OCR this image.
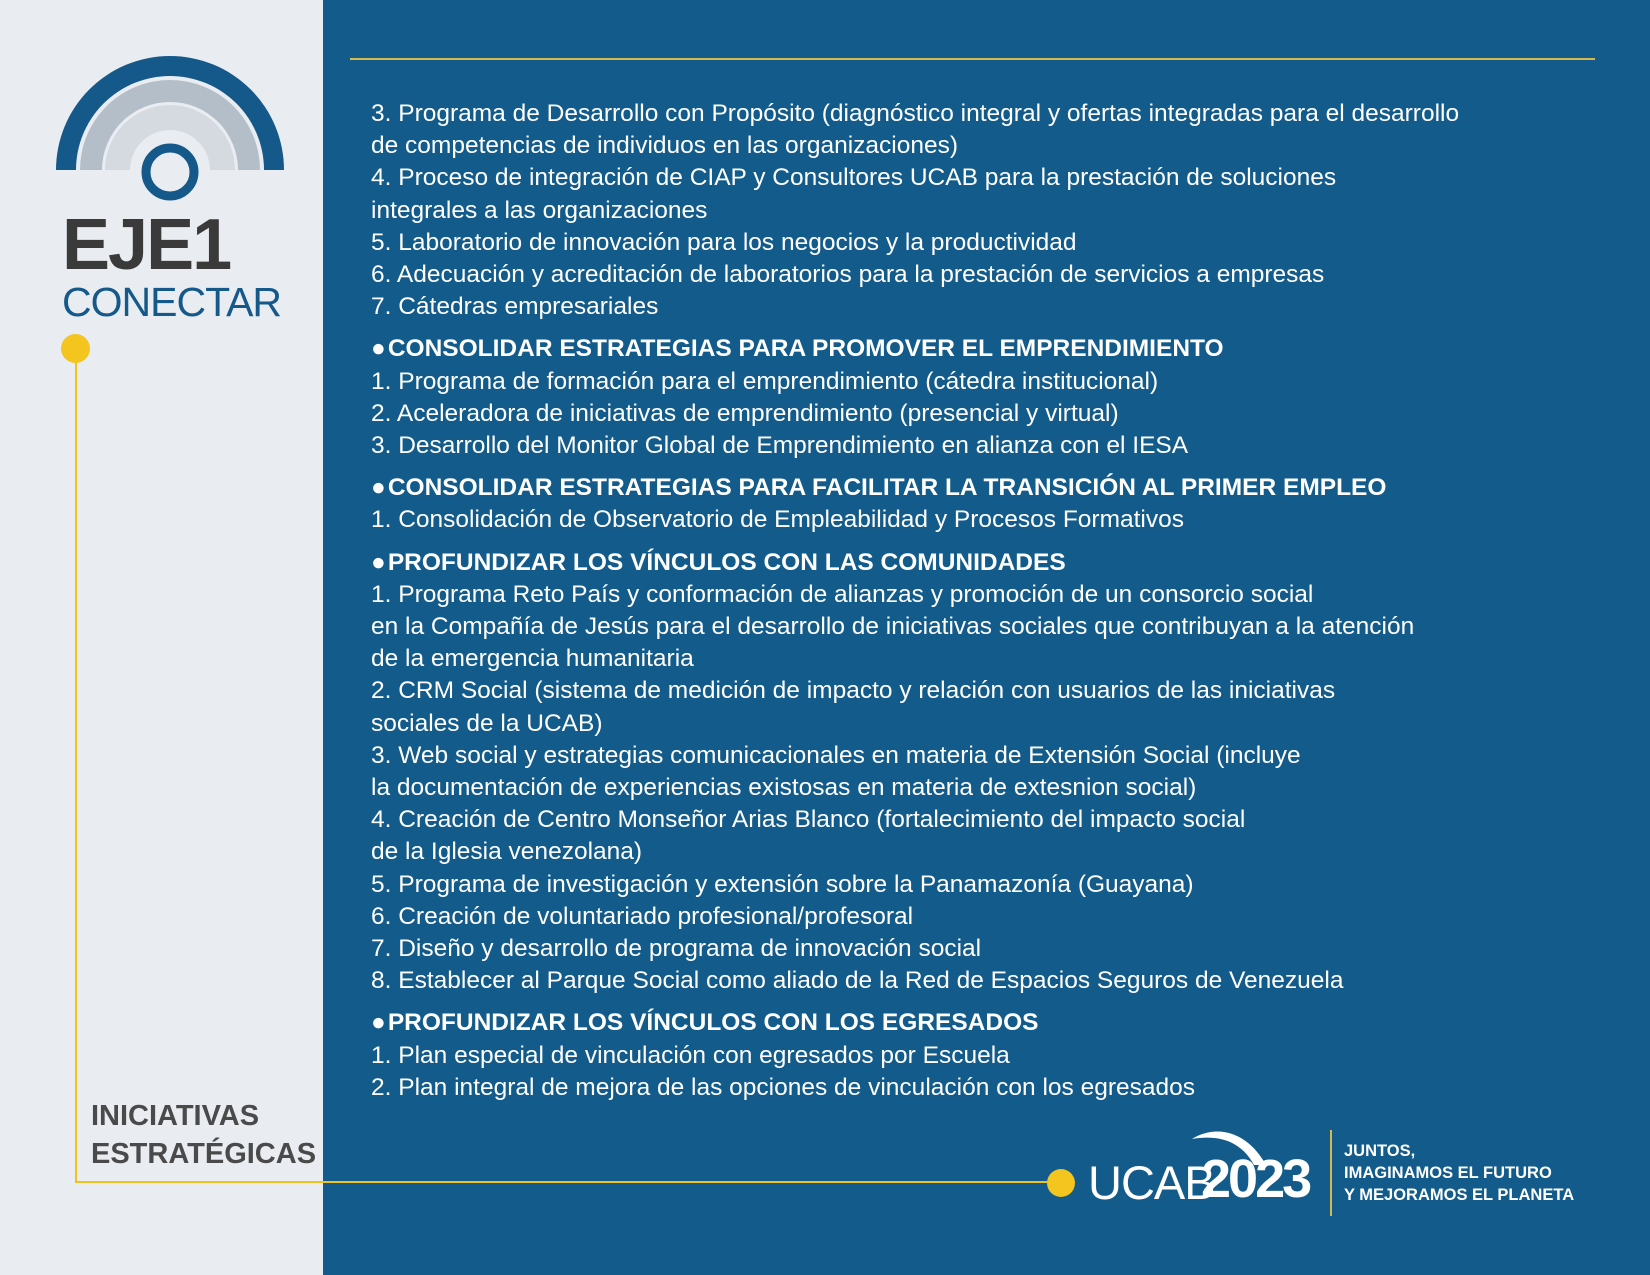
EJE1
CONECTAR
INICIATIVAS
ESTRATÉGICAS
3. Programa de Desarrollo con Propósito (diagnóstico integral y ofertas integradas para el desarrollo
de competencias de individuos en las organizaciones)
4. Proceso de integración de CIAP y Consultores UCAB para la prestación de soluciones
integrales a las organizaciones
5. Laboratorio de innovación para los negocios y la productividad
6. Adecuación y acreditación de laboratorios para la prestación de servicios a empresas
7. Cátedras empresariales
●CONSOLIDAR ESTRATEGIAS PARA PROMOVER EL EMPRENDIMIENTO
1. Programa de formación para el emprendimiento (cátedra institucional)
2. Aceleradora de iniciativas de emprendimiento (presencial y virtual)
3. Desarrollo del Monitor Global de Emprendimiento en alianza con el IESA
●CONSOLIDAR ESTRATEGIAS PARA FACILITAR LA TRANSICIÓN AL PRIMER EMPLEO
1. Consolidación de Observatorio de Empleabilidad y Procesos Formativos
●PROFUNDIZAR LOS VÍNCULOS CON LAS COMUNIDADES
1. Programa Reto País y conformación de alianzas y promoción de un consorcio social
en la Compañía de Jesús para el desarrollo de iniciativas sociales que contribuyan a la atención
de la emergencia humanitaria
2. CRM Social (sistema de medición de impacto y relación con usuarios de las iniciativas
sociales de la UCAB)
3. Web social y estrategias comunicacionales en materia de Extensión Social (incluye
la documentación de experiencias existosas en materia de extesnion social)
4. Creación de Centro Monseñor Arias Blanco (fortalecimiento del impacto social
de la Iglesia venezolana)
5. Programa de investigación y extensión sobre la Panamazonía (Guayana)
6. Creación de voluntariado profesional/profesoral
7. Diseño y desarrollo de programa de innovación social
8. Establecer al Parque Social como aliado de la Red de Espacios Seguros de Venezuela
●PROFUNDIZAR LOS VÍNCULOS CON LOS EGRESADOS
1. Plan especial de vinculación con egresados por Escuela
2. Plan integral de mejora de las opciones de vinculación con los egresados
UCAB
2023 JUNTOS,
IMAGINAMOS EL FUTURO
Y MEJORAMOS EL PLANETA
